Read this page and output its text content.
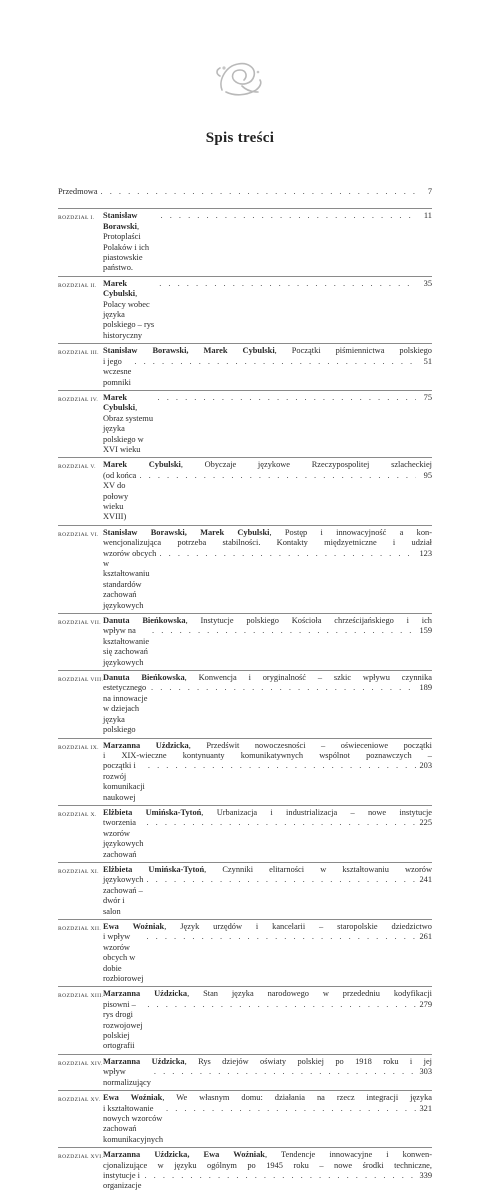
Spis treści
Przedmowa
. . .	7
ROZDZIAŁ I.	Stanisław Borawski, Protoplaści Polaków i ich piastowskie państwo.
. . .
11
ROZDZIAŁ II. Marek Cybulski, Polacy wobec języka polskiego – rys historyczny
. . .
35
ROZDZIAŁ III. Stanisław Borawski, Marek Cybulski, Początki piśmiennictwa polskiego
i jego wczesne pomniki
. . .
51
ROZDZIAŁ IV. Marek Cybulski, Obraz systemu języka polskiego w XVI wieku
. . .
75
ROZDZIAŁ V. Marek Cybulski, Obyczaje językowe Rzeczypospolitej szlacheckiej
(od końca XV do połowy wieku XVIII)
. . .
95
ROZDZIAŁ VI. Stanisław Borawski, Marek Cybulski, Postęp i innowacyjność a kon-
wencjonalizująca potrzeba stabilności. Kontakty międzyetniczne i udział
wzorów obcych w kształtowaniu standardów zachowań językowych
. . .
123
ROZDZIAŁ VII. Danuta Bieńkowska, Instytucje polskiego Kościoła chrześcijańskiego i ich
wpływ na kształtowanie się zachowań językowych
. . .
159
ROZDZIAŁ VIII. Danuta Bieńkowska, Konwencja i oryginalność – szkic wpływu czynnika
estetycznego na innowacje w dziejach języka polskiego
. . .
189
ROZDZIAŁ IX. Marzanna Uździcka, Przedświt nowoczesności – oświeceniowe początki
i XIX-wieczne kontynuanty komunikatywnych wspólnot poznawczych –
początki i rozwój komunikacji naukowej
. . .
203
ROZDZIAŁ X. Elżbieta Umińska-Tytoń, Urbanizacja i industrializacja – nowe instytucje
tworzenia wzorów językowych zachowań
. . .
225
ROZDZIAŁ XI. Elżbieta Umińska-Tytoń, Czynniki elitarności w kształtowaniu wzorów
językowych zachowań – dwór i salon
. . .
241
ROZDZIAŁ XII. Ewa Woźniak, Język urzędów i kancelarii – staropolskie dziedzictwo
i wpływ wzorów obcych w dobie rozbiorowej
. . .
261
ROZDZIAŁ XIII. Marzanna Uździcka, Stan języka narodowego w przededniu kodyfikacji
pisowni – rys drogi rozwojowej polskiej ortografii
. . .
279
ROZDZIAŁ XIV. Marzanna Uździcka, Rys dziejów oświaty polskiej po 1918 roku i jej
wpływ normalizujący
. . .
303
ROZDZIAŁ XV. Ewa Woźniak, We własnym domu: działania na rzecz integracji języka
i kształtowanie nowych wzorców zachowań komunikacyjnych
. . .
321
ROZDZIAŁ XVI. Marzanna Uździcka, Ewa Woźniak, Tendencje innowacyjne i konwen-
cjonalizujące w języku ogólnym po 1945 roku – nowe środki techniczne,
instytucje i organizacje
. . .
339
